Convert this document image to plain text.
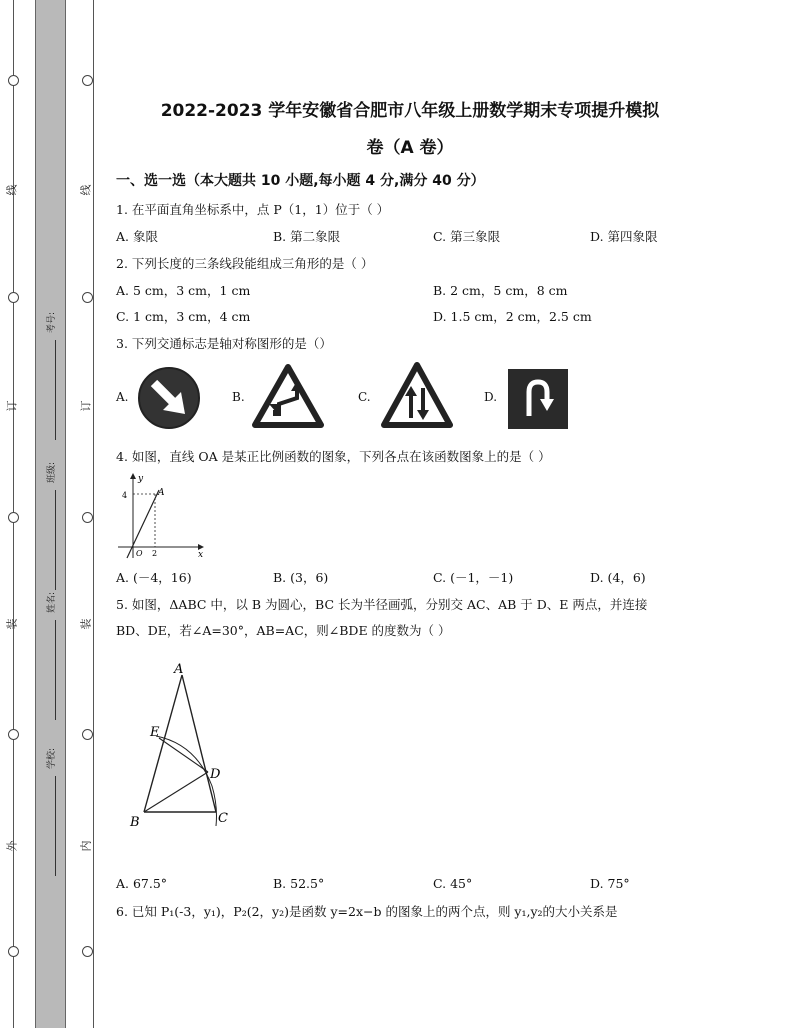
线
订
装
外
线
订
装
内
考号:
班级:
姓名:
学校:
2022-2023 学年安徽省合肥市八年级上册数学期末专项提升模拟
卷（A 卷）
一、选一选（本大题共 10 小题,每小题 4 分,满分 40 分）
1. 在平面直角坐标系中，点 P（1，1）位于（ ）
A. 象限	B. 第二象限	C. 第三象限	D. 第四象限
2. 下列长度的三条线段能组成三角形的是（ ）
A. 5 cm，3 cm，1 cm	B. 2 cm，5 cm，8 cm
C. 1 cm，3 cm，4 cm	D. 1.5 cm，2 cm，2.5 cm
3. 下列交通标志是轴对称图形的是（）
A.	B.	C.	D.
4. 如图，直线 OA 是某正比例函数的图象，下列各点在该函数图象上的是（ ）
y
x
A
4
2
O
A. (－4，16)	B. (3，6)	C. (－1，－1)	D. (4，6)
5. 如图，ΔABC 中，以 B 为圆心，BC 长为半径画弧，分别交 AC、AB 于 D、E 两点，并连接
BD、DE，若∠A=30°，AB=AC，则∠BDE 的度数为（ ）
A
B	C
D
E
A. 67.5°	B. 52.5°	C. 45°	D. 75°
6. 已知 P₁(-3，y₁)，P₂(2，y₂)是函数 y=2x−b 的图象上的两个点，则 y₁,y₂的大小关系是
